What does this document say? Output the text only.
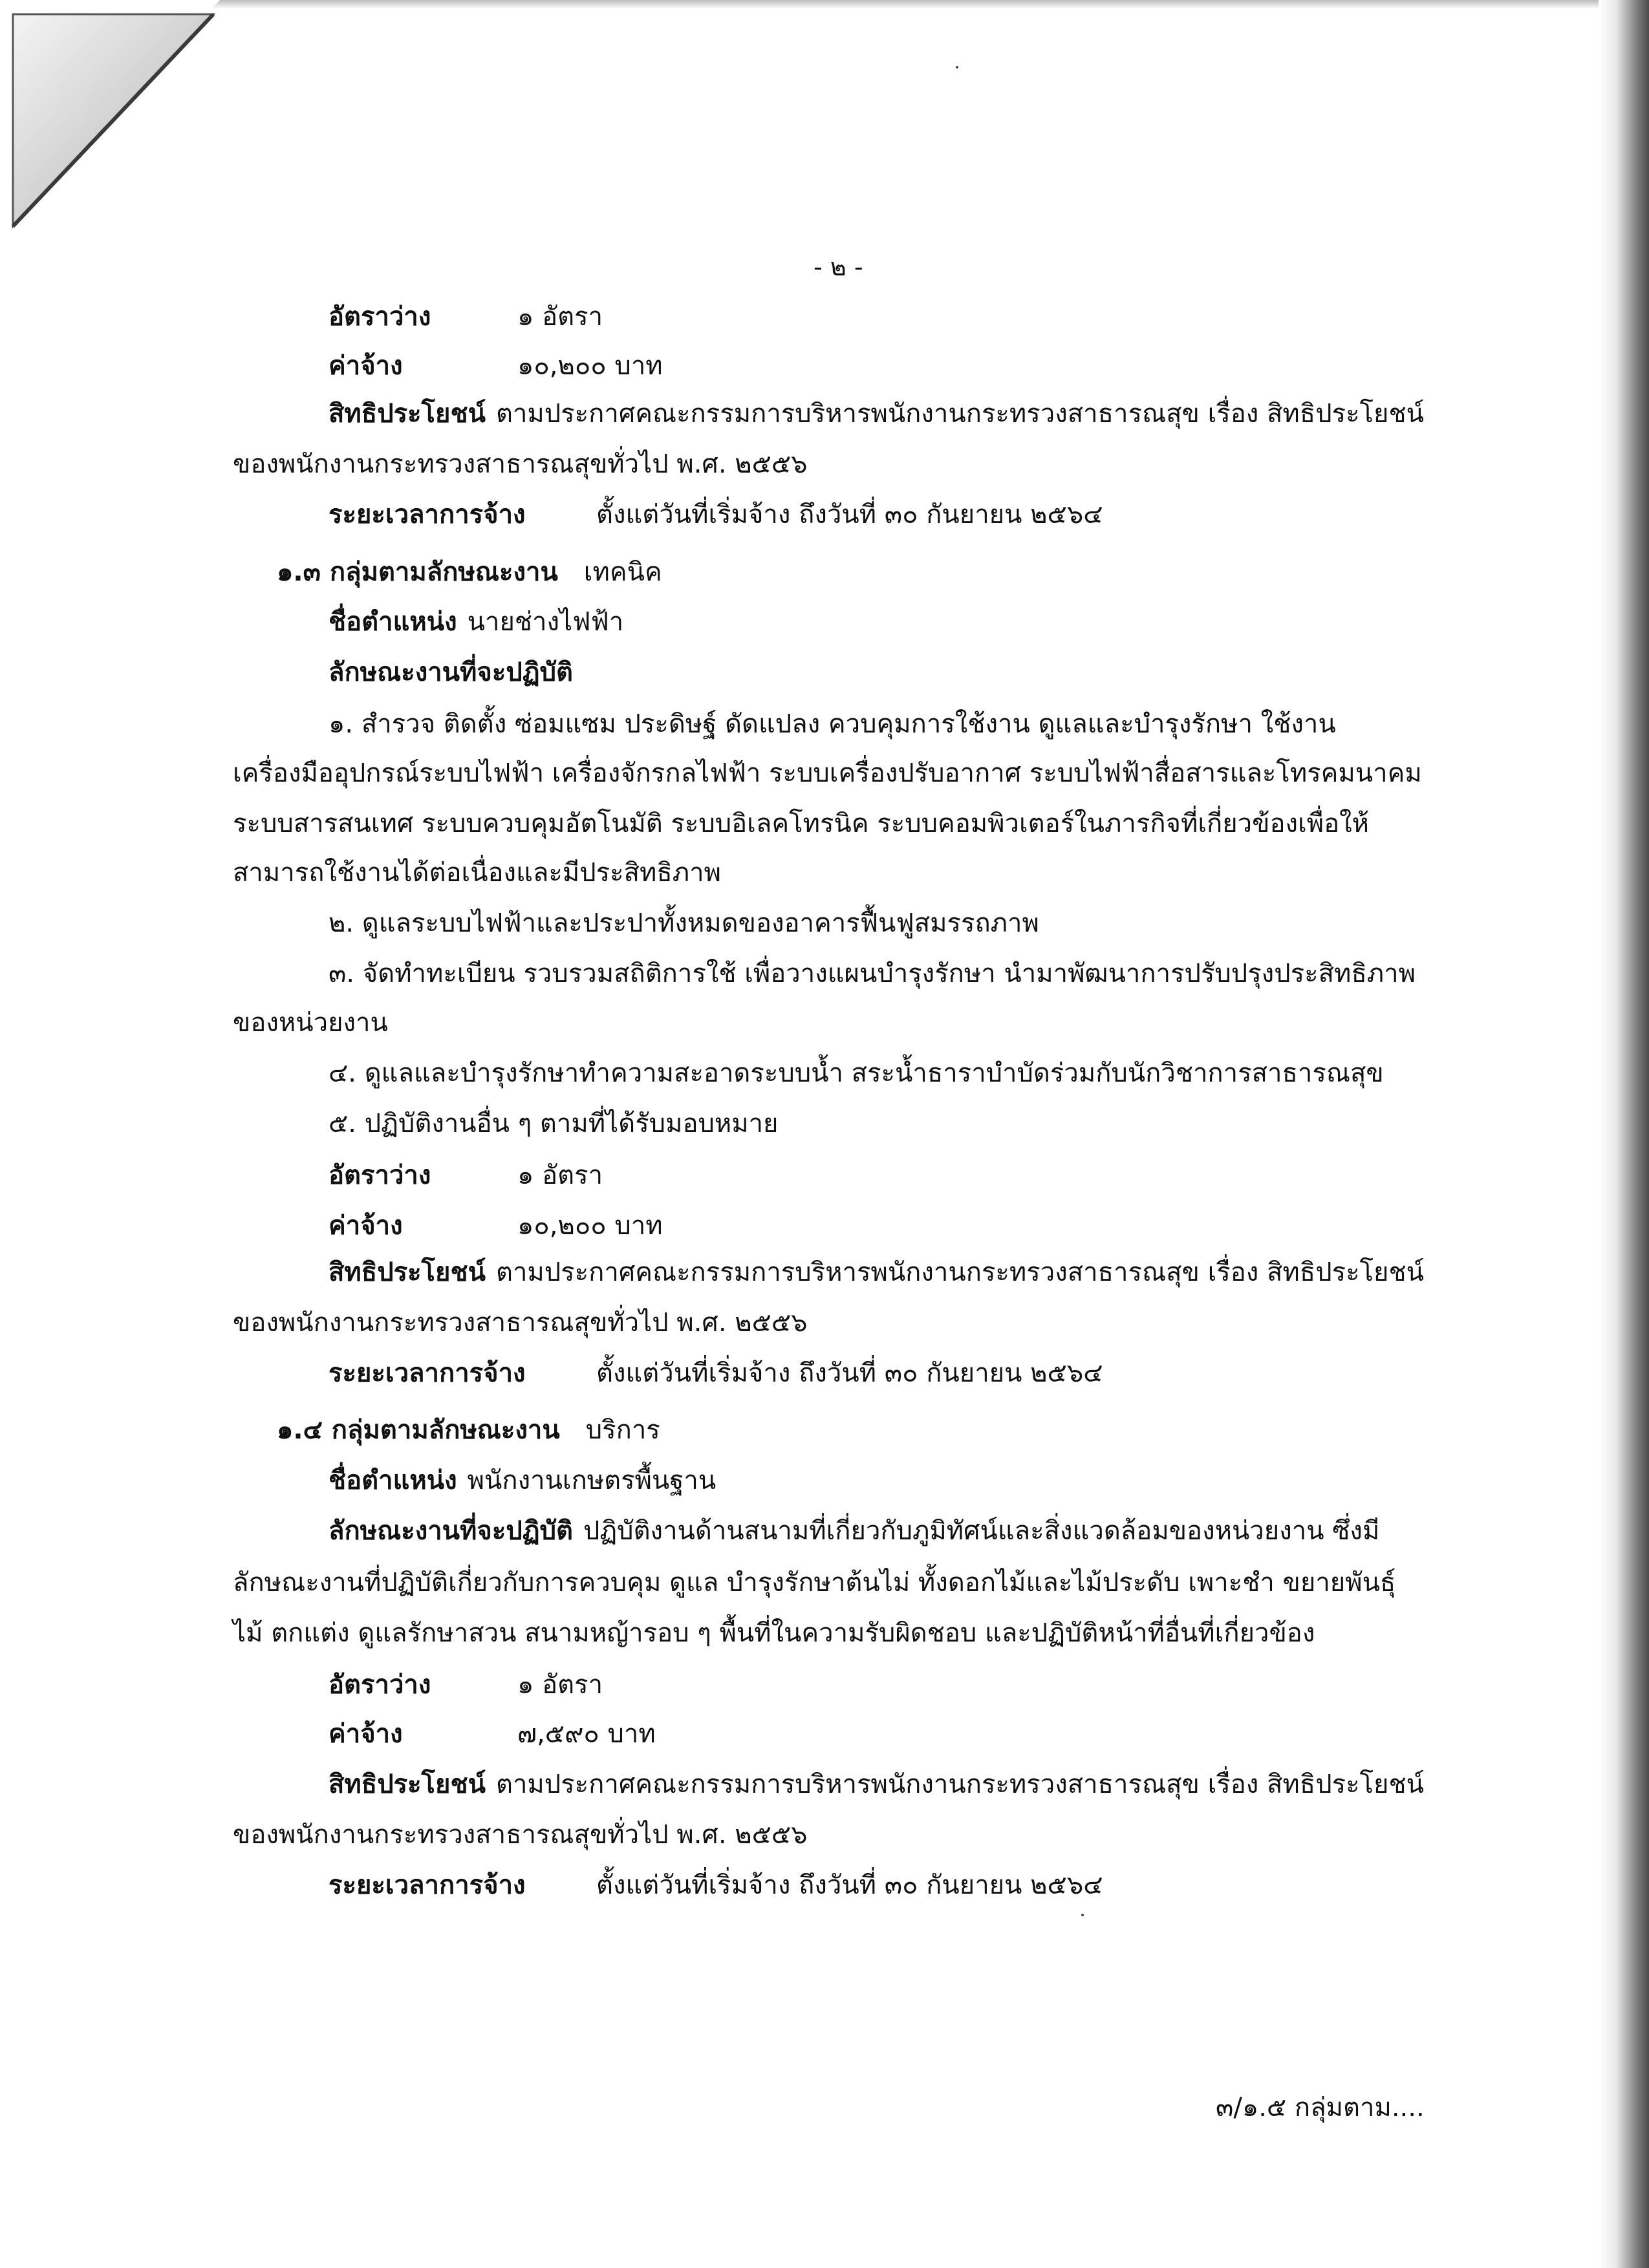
- ๒ -
อัตราว่าง	๑ อัตรา
ค่าจ้าง	๑๐,๒๐๐ บาท
สิทธิประโยชน์ ตามประกาศคณะกรรมการบริหารพนักงานกระทรวงสาธารณสุข เรื่อง สิทธิประโยชน์
ของพนักงานกระทรวงสาธารณสุขทั่วไป พ.ศ. ๒๕๕๖
ระยะเวลาการจ้าง	ตั้งแต่วันที่เริ่มจ้าง ถึงวันที่ ๓๐ กันยายน ๒๕๖๔
๑.๓ กลุ่มตามลักษณะงาน เทคนิค
ชื่อตำแหน่ง นายช่างไฟฟ้า
ลักษณะงานที่จะปฏิบัติ
๑. สำรวจ ติดตั้ง ซ่อมแซม ประดิษฐ์ ดัดแปลง ควบคุมการใช้งาน ดูแลและบำรุงรักษา ใช้งาน
เครื่องมืออุปกรณ์ระบบไฟฟ้า เครื่องจักรกลไฟฟ้า ระบบเครื่องปรับอากาศ ระบบไฟฟ้าสื่อสารและโทรคมนาคม
ระบบสารสนเทศ ระบบควบคุมอัตโนมัติ ระบบอิเลคโทรนิค ระบบคอมพิวเตอร์ในภารกิจที่เกี่ยวข้องเพื่อให้
สามารถใช้งานได้ต่อเนื่องและมีประสิทธิภาพ
๒. ดูแลระบบไฟฟ้าและประปาทั้งหมดของอาคารฟื้นฟูสมรรถภาพ
๓. จัดทำทะเบียน รวบรวมสถิติการใช้ เพื่อวางแผนบำรุงรักษา นำมาพัฒนาการปรับปรุงประสิทธิภาพ
ของหน่วยงาน
๔. ดูแลและบำรุงรักษาทำความสะอาดระบบน้ำ สระน้ำธาราบำบัดร่วมกับนักวิชาการสาธารณสุข
๕. ปฏิบัติงานอื่น ๆ ตามที่ได้รับมอบหมาย
อัตราว่าง	๑ อัตรา
ค่าจ้าง	๑๐,๒๐๐ บาท
สิทธิประโยชน์ ตามประกาศคณะกรรมการบริหารพนักงานกระทรวงสาธารณสุข เรื่อง สิทธิประโยชน์
ของพนักงานกระทรวงสาธารณสุขทั่วไป พ.ศ. ๒๕๕๖
ระยะเวลาการจ้าง	ตั้งแต่วันที่เริ่มจ้าง ถึงวันที่ ๓๐ กันยายน ๒๕๖๔
๑.๔ กลุ่มตามลักษณะงาน บริการ
ชื่อตำแหน่ง พนักงานเกษตรพื้นฐาน
ลักษณะงานที่จะปฏิบัติ ปฏิบัติงานด้านสนามที่เกี่ยวกับภูมิทัศน์และสิ่งแวดล้อมของหน่วยงาน ซึ่งมี
ลักษณะงานที่ปฏิบัติเกี่ยวกับการควบคุม ดูแล บำรุงรักษาต้นไม่ ทั้งดอกไม้และไม้ประดับ เพาะชำ ขยายพันธุ์
ไม้ ตกแต่ง ดูแลรักษาสวน สนามหญ้ารอบ ๆ พื้นที่ในความรับผิดชอบ และปฏิบัติหน้าที่อื่นที่เกี่ยวข้อง
อัตราว่าง	๑ อัตรา
ค่าจ้าง	๗,๕๙๐ บาท
สิทธิประโยชน์ ตามประกาศคณะกรรมการบริหารพนักงานกระทรวงสาธารณสุข เรื่อง สิทธิประโยชน์
ของพนักงานกระทรวงสาธารณสุขทั่วไป พ.ศ. ๒๕๕๖
ระยะเวลาการจ้าง	ตั้งแต่วันที่เริ่มจ้าง ถึงวันที่ ๓๐ กันยายน ๒๕๖๔
๓/๑.๕ กลุ่มตาม....
